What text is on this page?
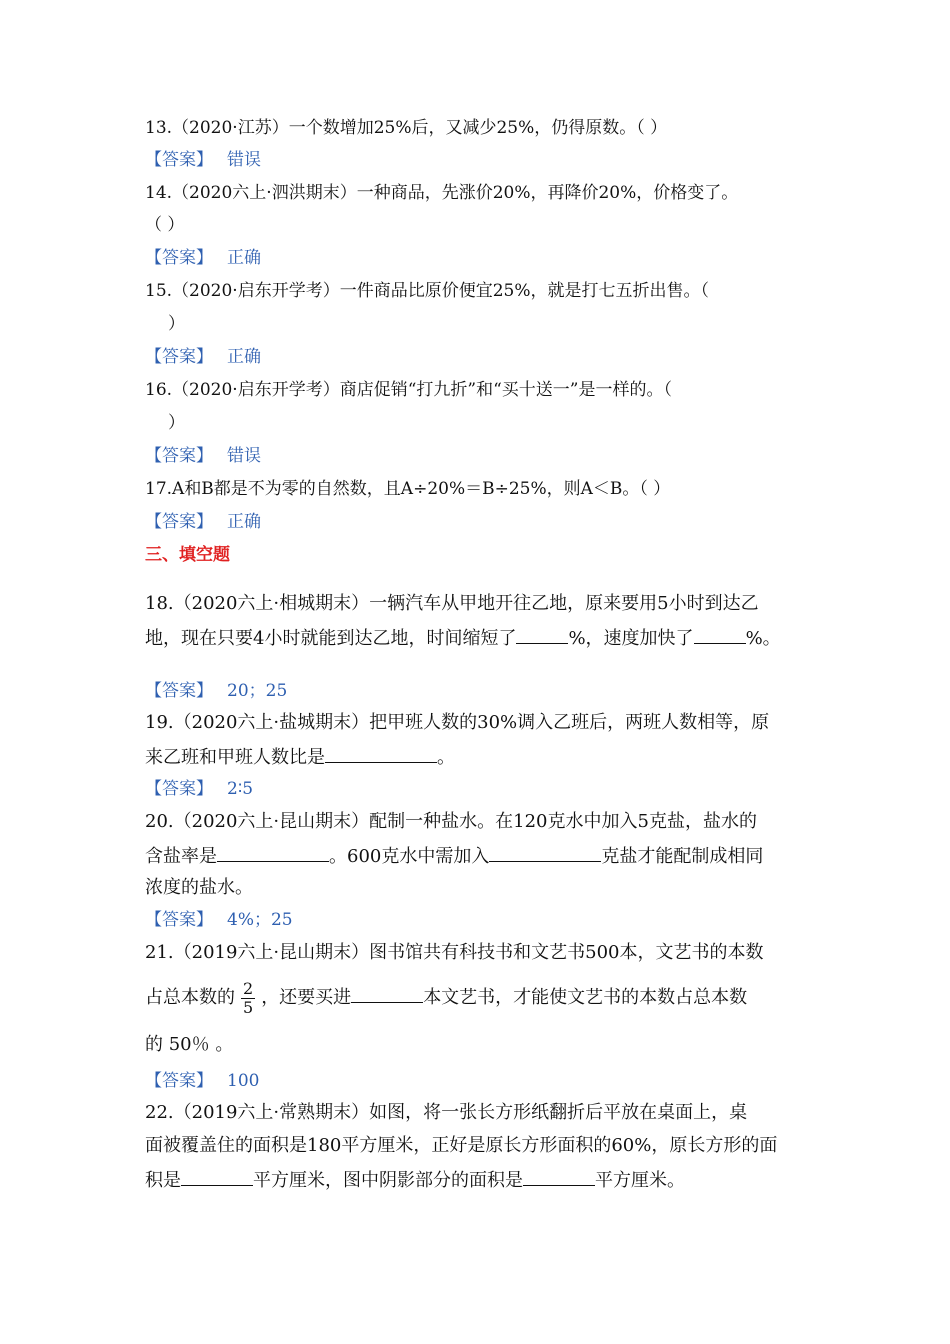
13.（2020·江苏）一个数增加25%后，又减少25%，仍得原数。（ ）
【答案】 错误
14.（2020六上·泗洪期末）一种商品，先涨价20%，再降价20%，价格变了。
（ ）
【答案】 正确
15.（2020·启东开学考）一件商品比原价便宜25%，就是打七五折出售。（
）
【答案】 正确
16.（2020·启东开学考）商店促销“打九折”和“买十送一”是一样的。（
）
【答案】 错误
17.A和B都是不为零的自然数，且A÷20%＝B÷25%，则A＜B。（ ）
【答案】 正确
三、填空题
18.（2020六上·相城期末）一辆汽车从甲地开往乙地，原来要用5小时到达乙
地，现在只要4小时就能到达乙地，时间缩短了	%，速度加快了	%。
【答案】 20；25
19.（2020六上·盐城期末）把甲班人数的30%调入乙班后，两班人数相等，原
来乙班和甲班人数比是	。
【答案】 2∶5
20.（2020六上·昆山期末）配制一种盐水。在120克水中加入5克盐，盐水的
含盐率是	。600克水中需加入	克盐才能配制成相同
浓度的盐水。
【答案】 4%；25
21.（2019六上·昆山期末）图书馆共有科技书和文艺书500本，文艺书的本数
占总本数的 $\frac{2}{5}$ ，还要买进	本文艺书，才能使文艺书的本数占总本数
的 50％ 。
【答案】 100
22.（2019六上·常熟期末）如图，将一张长方形纸翻折后平放在桌面上，桌
面被覆盖住的面积是180平方厘米，正好是原长方形面积的60%，原长方形的面
积是	平方厘米，图中阴影部分的面积是	平方厘米。
